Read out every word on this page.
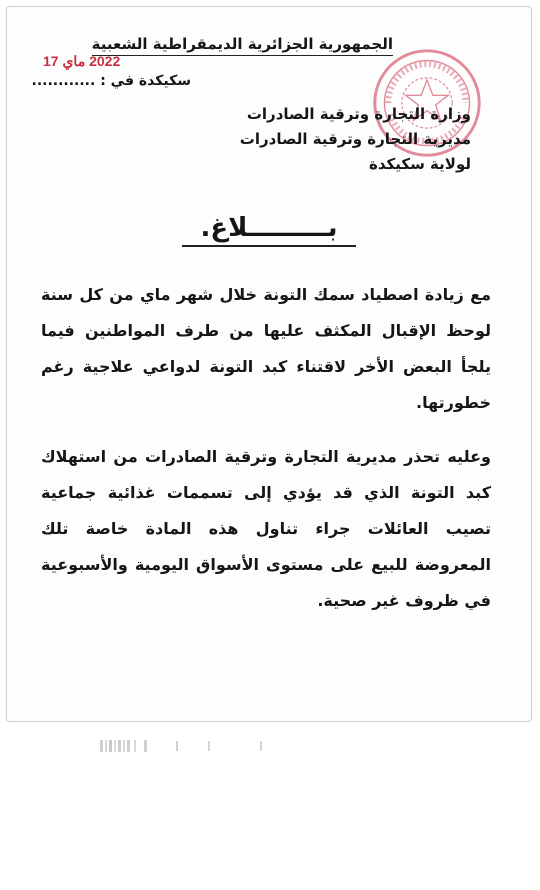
الجمهورية الجزائرية الديمقراطية الشعبية
2022 ماي 17
سكيكدة في : ............
وزارة التجارة وترقية الصادرات
مديرية التجارة وترقية الصادرات
لولاية سكيكدة
بـــــــــلاغ.

مع زيادة اصطياد سمك التونة خلال شهر ماي من كل سنة لوحظ الإقبال المكثف عليها من طرف المواطنين فيما يلجأ البعض الأخر لاقتناء كبد التونة لدواعي علاجية رغم خطورتها.

وعليه تحذر مديرية التجارة وترقية الصادرات من استهلاك كبد التونة الذي قد يؤدي إلى تسممات غذائية جماعية تصيب العائلات جراء تناول هذه المادة خاصة تلك المعروضة للبيع على مستوى الأسواق اليومية والأسبوعية في ظروف غير صحية.
